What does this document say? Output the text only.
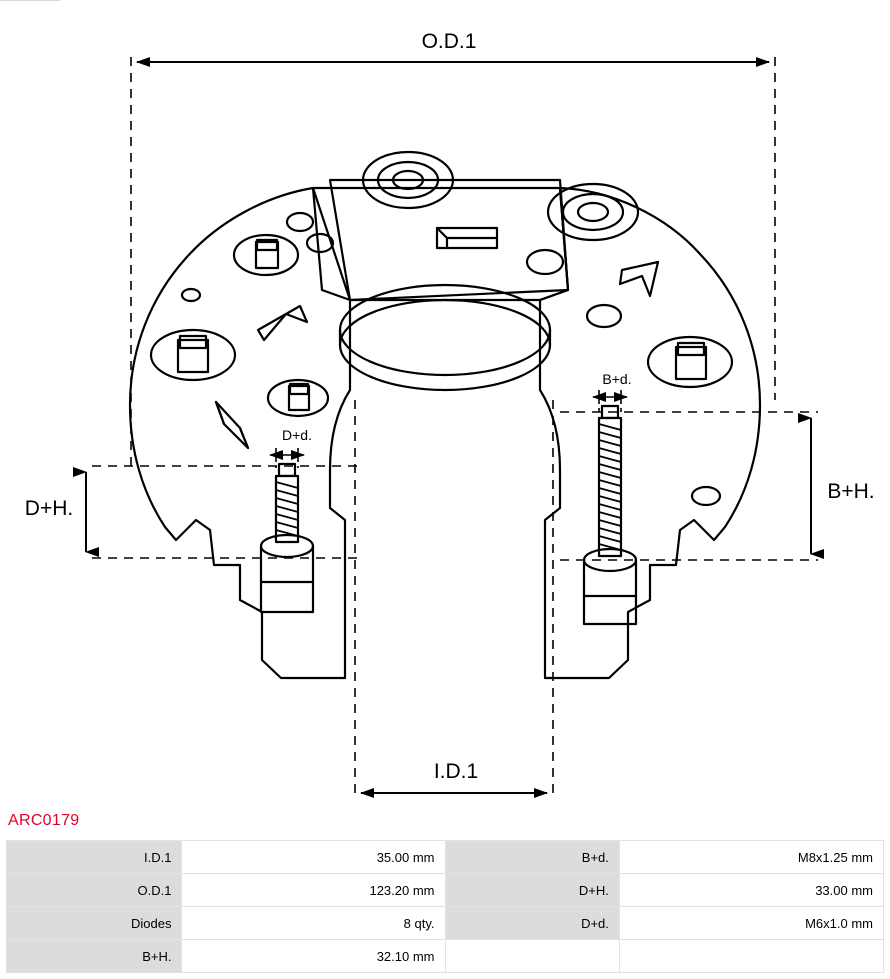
O.D.1
I.D.1
D+H.
B+H.
D+d.
B+d.
ARC0179
I.D.1	35.00 mm	B+d.	M8x1.25 mm
O.D.1	123.20 mm	D+H.	33.00 mm
Diodes	8 qty.	D+d.	M6x1.0 mm
B+H.	32.10 mm		
